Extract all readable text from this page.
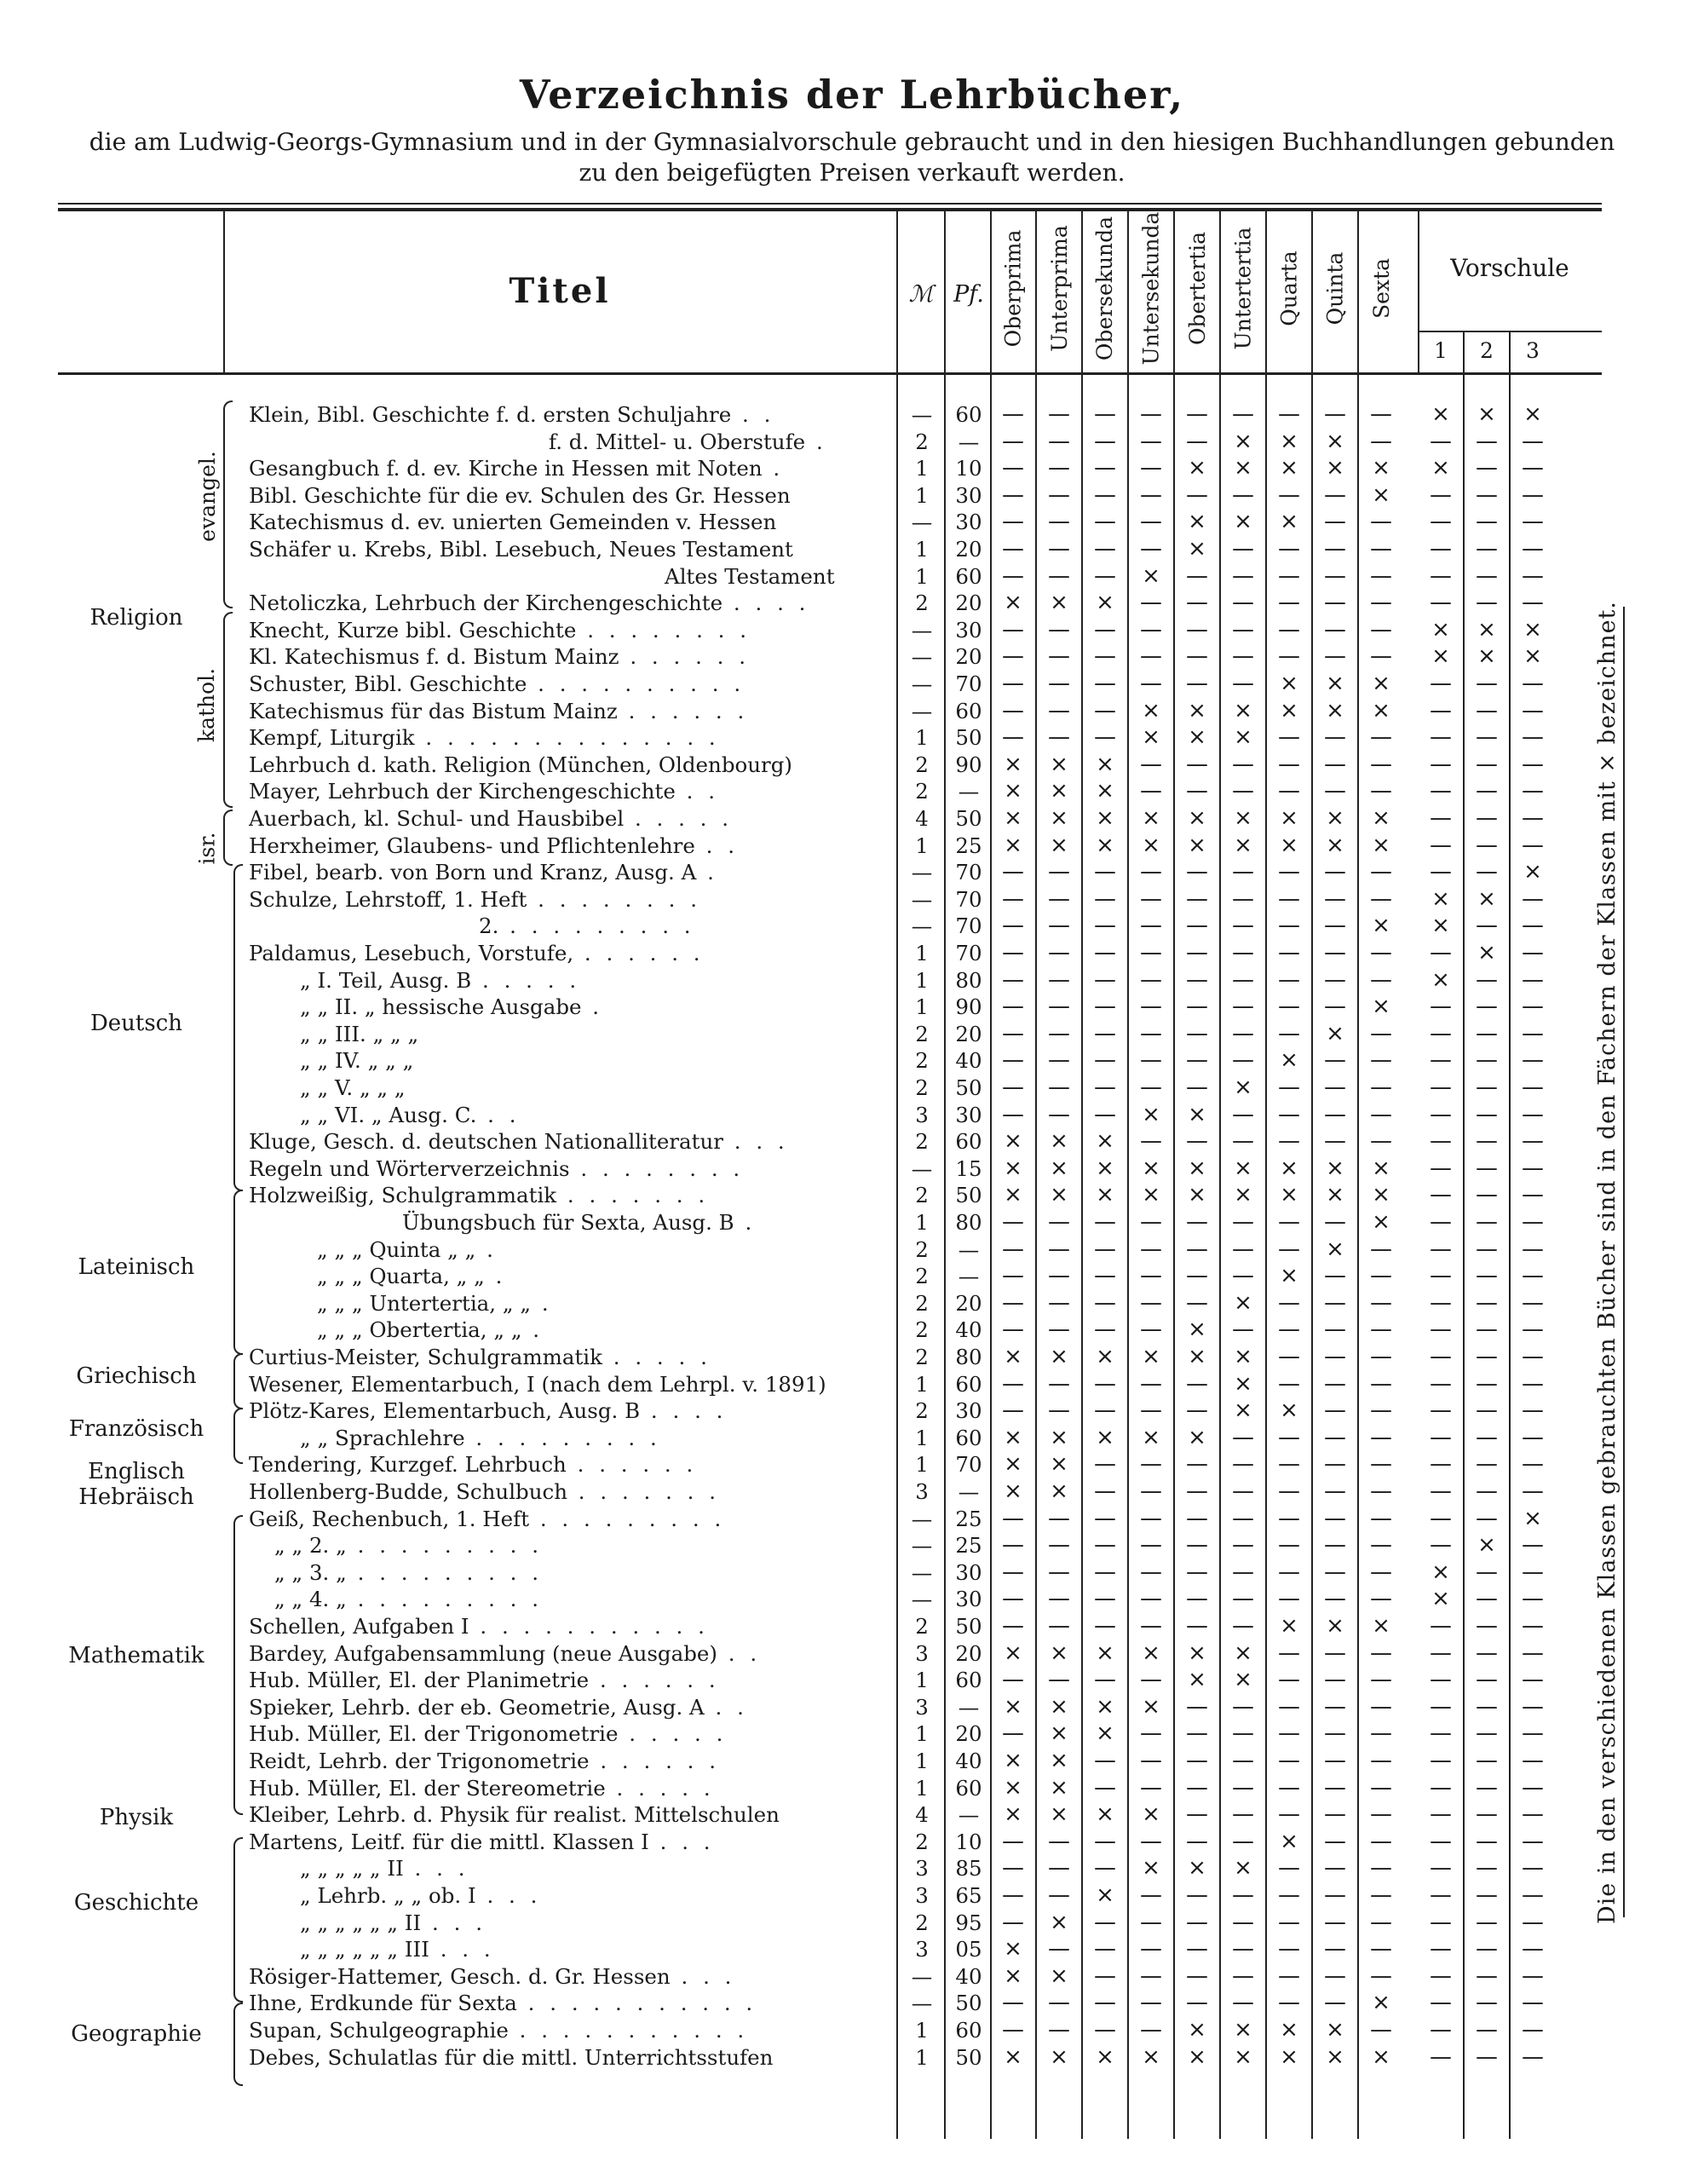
Verzeichnis der Lehrbücher,
die am Ludwig-Georgs-Gymnasium und in der Gymnasialvorschule gebraucht und in den hiesigen Buchhandlungen gebunden
zu den beigefügten Preisen verkauft werden.
Titel	ℳ Pf. Oberprima Unterprima Obersekunda Untersekunda Obertertia Untertertia Quarta Quinta Sexta	Vorschule
1	2	3
Religion
Deutsch
Lateinisch
Griechisch
Französisch
Englisch
Hebräisch
Mathematik
Physik
Geschichte
Geographie
evangel.
kathol.
isr.
Klein, Bibl. Geschichte f. d. ersten Schuljahre . .	—	60 —	—	—	—	—	—	—	—	—	×	×	×
f. d. Mittel- u. Oberstufe .	2	—	—	—	—	—	—	×	×	×	—	—	—	—
Gesangbuch f. d. ev. Kirche in Hessen mit Noten .	1	10 —	—	—	—	×	×	×	×	×	×	—	—
Bibl. Geschichte für die ev. Schulen des Gr. Hessen	1	30 —	—	—	—	—	—	—	—	×	—	—	—
Katechismus d. ev. unierten Gemeinden v. Hessen	—	30 —	—	—	—	×	×	×	—	—	—	—	—
Schäfer u. Krebs, Bibl. Lesebuch, Neues Testament	1	20 —	—	—	—	×	—	—	—	—	—	—	—
Altes Testament	1	60 —	—	—	×	—	—	—	—	—	—	—	—
Netoliczka, Lehrbuch der Kirchengeschichte . . . .	2	20 ×	×	×	—	—	—	—	—	—	—	—	—
Knecht, Kurze bibl. Geschichte . . . . . . . .	—	30 —	—	—	—	—	—	—	—	—	×	×	×
Kl. Katechismus f. d. Bistum Mainz . . . . . .	—	20 —	—	—	—	—	—	—	—	—	×	×	×
Schuster, Bibl. Geschichte . . . . . . . . . .	—	70 —	—	—	—	—	—	×	×	×	—	—	—
Katechismus für das Bistum Mainz . . . . . .	—	60 —	—	—	×	×	×	×	×	×	—	—	—
Kempf, Liturgik . . . . . . . . . . . . . .	1	50 —	—	—	×	×	×	—	—	—	—	—	—
Lehrbuch d. kath. Religion (München, Oldenbourg)	2	90 ×	×	×	—	—	—	—	—	—	—	—	—
Mayer, Lehrbuch der Kirchengeschichte . .	2	—	×	×	×	—	—	—	—	—	—	—	—	—
Auerbach, kl. Schul- und Hausbibel . . . . .	4	50 ×	×	×	×	×	×	×	×	×	—	—	—
Herxheimer, Glaubens- und Pflichtenlehre . .	1	25 ×	×	×	×	×	×	×	×	×	—	—	—
Fibel, bearb. von Born und Kranz, Ausg. A .	—	70 —	—	—	—	—	—	—	—	—	—	—	×
Schulze, Lehrstoff, 1. Heft . . . . . . . .	—	70 —	—	—	—	—	—	—	—	—	×	×	—
2. . . . . . . . . .	—	70 —	—	—	—	—	—	—	—	×	×	—	—
Paldamus, Lesebuch, Vorstufe, . . . . . .	1	70 —	—	—	—	—	—	—	—	—	—	×	—
„ I. Teil, Ausg. B . . . . .	1	80 —	—	—	—	—	—	—	—	—	×	—	—
„ „ II. „ hessische Ausgabe .	1	90 —	—	—	—	—	—	—	—	×	—	—	—
„ „ III. „ „ „	2	20 —	—	—	—	—	—	—	×	—	—	—	—
„ „ IV. „ „ „	2	40 —	—	—	—	—	—	×	—	—	—	—	—
„ „ V. „ „ „	2	50 —	—	—	—	—	×	—	—	—	—	—	—
„ „ VI. „ Ausg. C. . .	3	30 —	—	—	×	×	—	—	—	—	—	—	—
Kluge, Gesch. d. deutschen Nationalliteratur . . .	2	60 ×	×	×	—	—	—	—	—	—	—	—	—
Regeln und Wörterverzeichnis . . . . . . . .	—	15 ×	×	×	×	×	×	×	×	×	—	—	—
Holzweißig, Schulgrammatik . . . . . . .	2	50 ×	×	×	×	×	×	×	×	×	—	—	—
Übungsbuch für Sexta, Ausg. B .	1	80 —	—	—	—	—	—	—	—	×	—	—	—
„ „ „ Quinta „ „ .	2	—	—	—	—	—	—	—	—	×	—	—	—	—
„ „ „ Quarta, „ „ .	2	—	—	—	—	—	—	—	×	—	—	—	—	—
„ „ „ Untertertia, „ „ .	2	20 —	—	—	—	—	×	—	—	—	—	—	—
„ „ „ Obertertia, „ „ .	2	40 —	—	—	—	×	—	—	—	—	—	—	—
Curtius-Meister, Schulgrammatik . . . . .	2	80 ×	×	×	×	×	×	—	—	—	—	—	—
Wesener, Elementarbuch, I (nach dem Lehrpl. v. 1891)	1	60 —	—	—	—	—	×	—	—	—	—	—	—
Plötz-Kares, Elementarbuch, Ausg. B . . . .	2	30 —	—	—	—	—	×	×	—	—	—	—	—
„ „ Sprachlehre . . . . . . . . .	1	60 ×	×	×	×	×	—	—	—	—	—	—	—
Tendering, Kurzgef. Lehrbuch . . . . . .	1	70 ×	×	—	—	—	—	—	—	—	—	—	—
Hollenberg-Budde, Schulbuch . . . . . . .	3	—	×	×	—	—	—	—	—	—	—	—	—	—
Geiß, Rechenbuch, 1. Heft . . . . . . . . .	—	25 —	—	—	—	—	—	—	—	—	—	—	×
„ „ 2. „ . . . . . . . . .	—	25 —	—	—	—	—	—	—	—	—	—	×	—
„ „ 3. „ . . . . . . . . .	—	30 —	—	—	—	—	—	—	—	—	×	—	—
„ „ 4. „ . . . . . . . . .	—	30 —	—	—	—	—	—	—	—	—	×	—	—
Schellen, Aufgaben I . . . . . . . . . . .	2	50 —	—	—	—	—	—	×	×	×	—	—	—
Bardey, Aufgabensammlung (neue Ausgabe) . .	3	20 ×	×	×	×	×	×	—	—	—	—	—	—
Hub. Müller, El. der Planimetrie . . . . . .	1	60 —	—	—	—	×	×	—	—	—	—	—	—
Spieker, Lehrb. der eb. Geometrie, Ausg. A . .	3	—	×	×	×	×	—	—	—	—	—	—	—	—
Hub. Müller, El. der Trigonometrie . . . . .	1	20 —	×	×	—	—	—	—	—	—	—	—	—
Reidt, Lehrb. der Trigonometrie . . . . . .	1	40 ×	×	—	—	—	—	—	—	—	—	—	—
Hub. Müller, El. der Stereometrie . . . . .	1	60 ×	×	—	—	—	—	—	—	—	—	—	—
Kleiber, Lehrb. d. Physik für realist. Mittelschulen	4	—	×	×	×	×	—	—	—	—	—	—	—	—
Martens, Leitf. für die mittl. Klassen I . . .	2	10 —	—	—	—	—	—	×	—	—	—	—	—
„ „ „ „ „ II . . .	3	85 —	—	—	×	×	×	—	—	—	—	—	—
„ Lehrb. „ „ ob. I . . .	3	65 —	—	×	—	—	—	—	—	—	—	—	—
„ „ „ „ „ „ II . . .	2	95 —	×	—	—	—	—	—	—	—	—	—	—
„ „ „ „ „ „ III . . .	3	05 ×	—	—	—	—	—	—	—	—	—	—	—
Rösiger-Hattemer, Gesch. d. Gr. Hessen . . .	—	40 ×	×	—	—	—	—	—	—	—	—	—	—
Ihne, Erdkunde für Sexta . . . . . . . . . . .	—	50 —	—	—	—	—	—	—	—	×	—	—	—
Supan, Schulgeographie . . . . . . . . . . .	1	60 —	—	—	—	×	×	×	×	—	—	—	—
Debes, Schulatlas für die mittl. Unterrichtsstufen	1	50 ×	×	×	×	×	×	×	×	×	—	—	—
Die in den verschiedenen Klassen gebrauchten Bücher sind in den Fächern der Klassen mit × bezeichnet.
